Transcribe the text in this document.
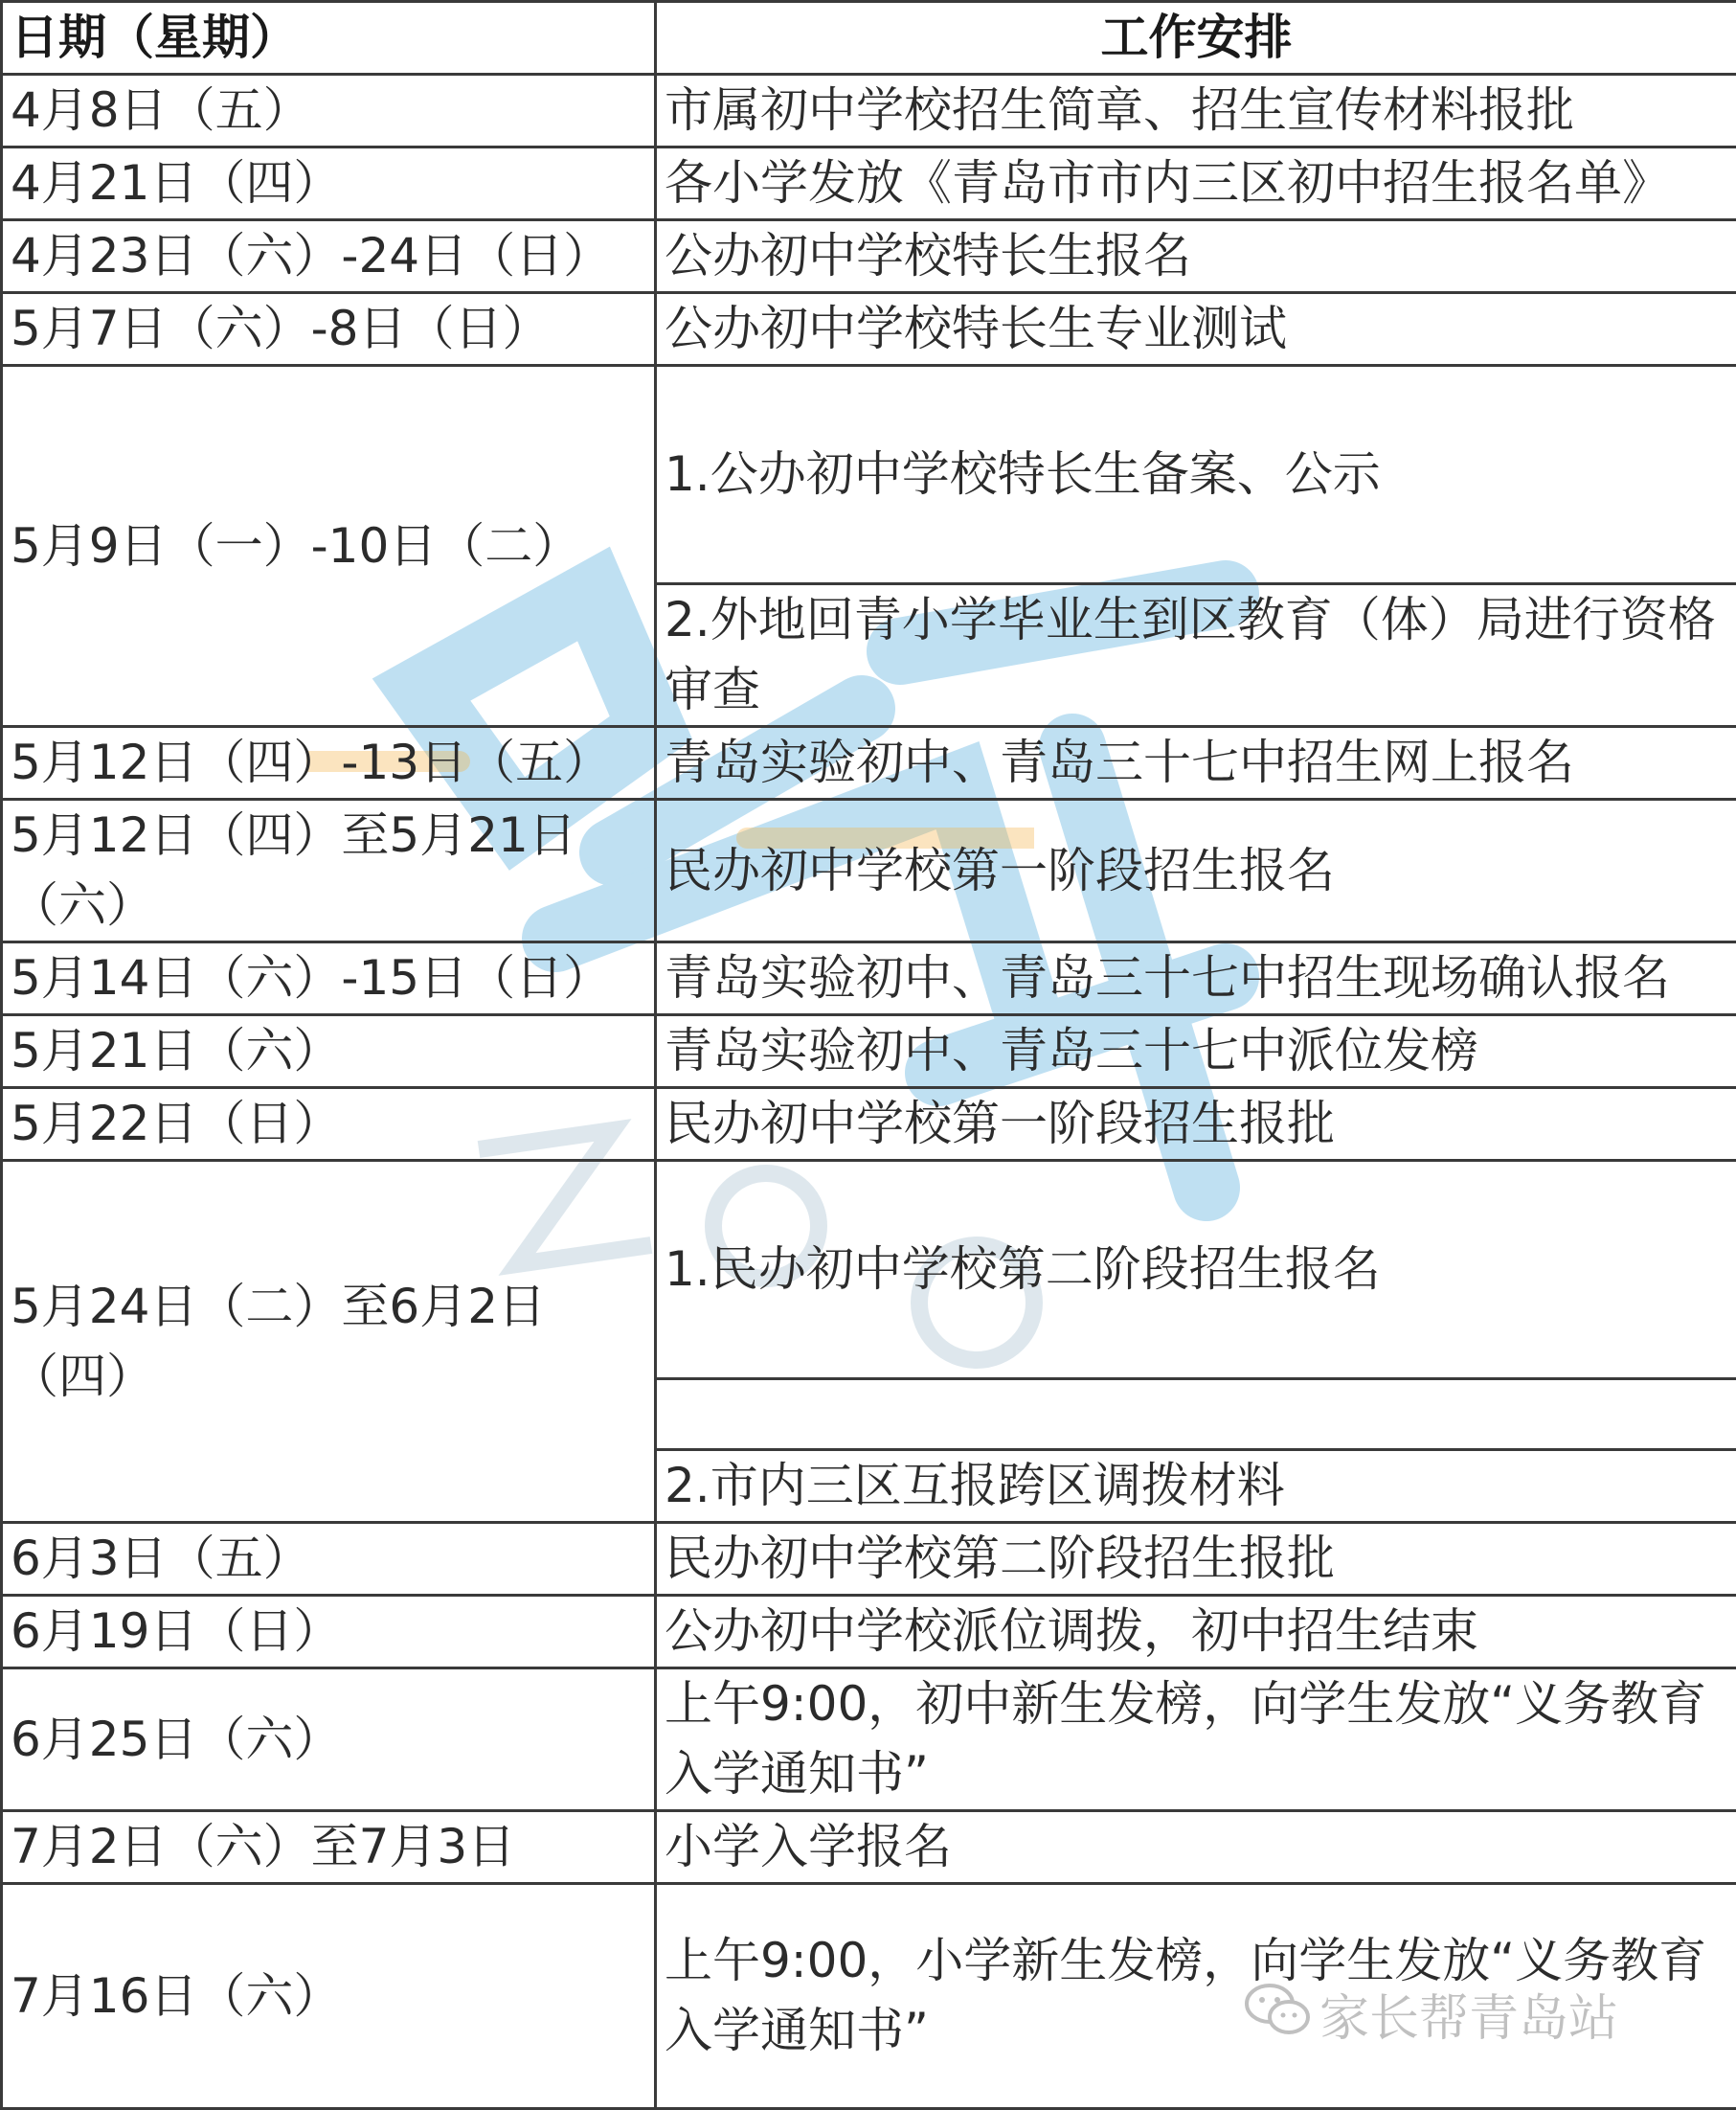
日期（星期）	工作安排
4月8日（五）	市属初中学校招生简章、招生宣传材料报批
4月21日（四）	各小学发放《青岛市市内三区初中招生报名单》
4月23日（六）-24日（日）	公办初中学校特长生报名
5月7日（六）-8日（日）	公办初中学校特长生专业测试
5月9日（一）-10日（二）	1.公办初中学校特长生备案、公示
	2.外地回青小学毕业生到区教育（体）局进行资格审查
5月12日（四）-13日（五）	青岛实验初中、青岛三十七中招生网上报名
5月12日（四）至5月21日（六）	民办初中学校第一阶段招生报名
5月14日（六）-15日（日）	青岛实验初中、青岛三十七中招生现场确认报名
5月21日（六）	青岛实验初中、青岛三十七中派位发榜
5月22日（日）	民办初中学校第一阶段招生报批
5月24日（二）至6月2日（四）	1.民办初中学校第二阶段招生报名

	2.市内三区互报跨区调拨材料
6月3日（五）	民办初中学校第二阶段招生报批
6月19日（日）	公办初中学校派位调拨，初中招生结束
6月25日（六）	上午9:00，初中新生发榜，向学生发放“义务教育入学通知书”
7月2日（六）至7月3日	小学入学报名
7月16日（六）	上午9:00，小学新生发榜，向学生发放“义务教育入学通知书”	家长帮青岛站
